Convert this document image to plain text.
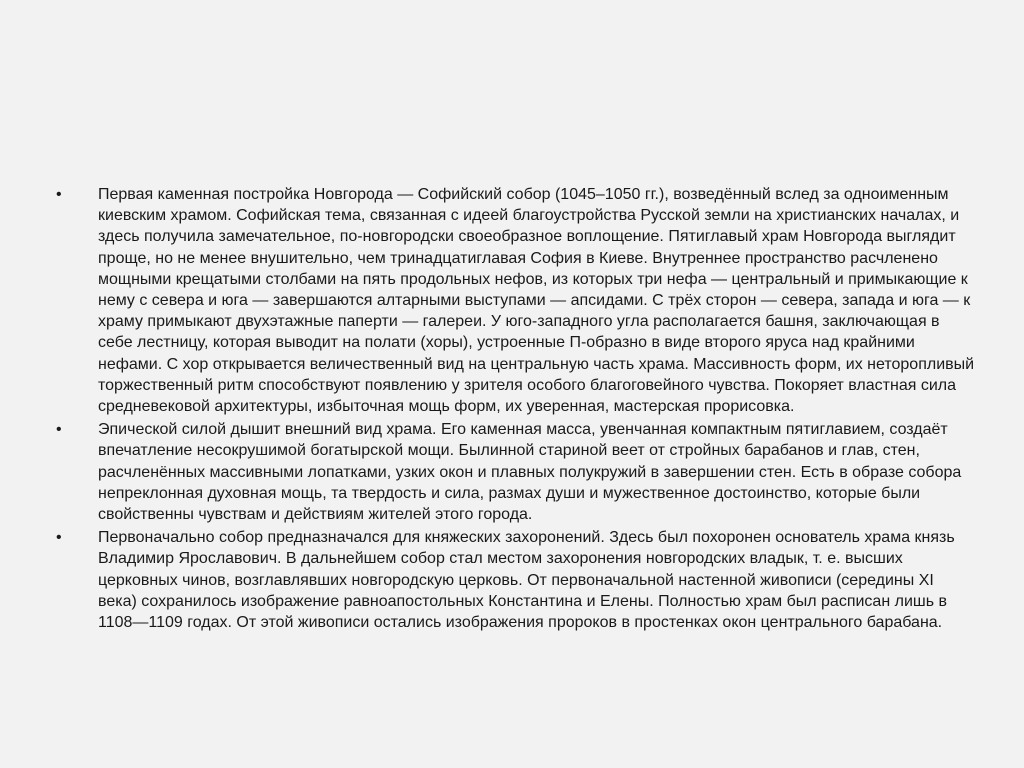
• Первая каменная постройка Новгорода — Софийский собор (1045–1050 гг.), возведённый вслед за одноименным киевским храмом. Софийская тема, связанная с идеей благоустройства Русской земли на христианских началах, и здесь получила замечательное, по-новгородски своеобразное воплощение. Пятиглавый храм Новгорода выглядит проще, но не менее внушительно, чем тринадцатиглавая София в Киеве. Внутреннее пространство расчленено мощными крещатыми столбами на пять продольных нефов, из которых три нефа — центральный и примыкающие к нему с севера и юга — завершаются алтарными выступами — апсидами. С трёх сторон — севера, запада и юга — к храму примыкают двухэтажные паперти — галереи. У юго-западного угла располагается башня, заключающая в себе лестницу, которая выводит на полати (хоры), устроенные П-образно в виде второго яруса над крайними нефами. С хор открывается величественный вид на центральную часть храма. Массивность форм, их неторопливый торжественный ритм способствуют появлению у зрителя особого благоговейного чувства. Покоряет властная сила средневековой архитектуры, избыточная мощь форм, их уверенная, мастерская прорисовка.
• Эпической силой дышит внешний вид храма. Его каменная масса, увенчанная компактным пятиглавием, создаёт впечатление несокрушимой богатырской мощи. Былинной стариной веет от стройных барабанов и глав, стен, расчленённых массивными лопатками, узких окон и плавных полукружий в завершении стен. Есть в образе собора непреклонная духовная мощь, та твердость и сила, размах души и мужественное достоинство, которые были свойственны чувствам и действиям жителей этого города.
• Первоначально собор предназначался для княжеских захоронений. Здесь был похоронен основатель храма князь Владимир Ярославович. В дальнейшем собор стал местом захоронения новгородских владык, т. е. высших церковных чинов, возглавлявших новгородскую церковь. От первоначальной настенной живописи (середины XI века) сохранилось изображение равноапостольных Константина и Елены. Полностью храм был расписан лишь в 1108—1109 годах. От этой живописи остались изображения пророков в простенках окон центрального барабана.
